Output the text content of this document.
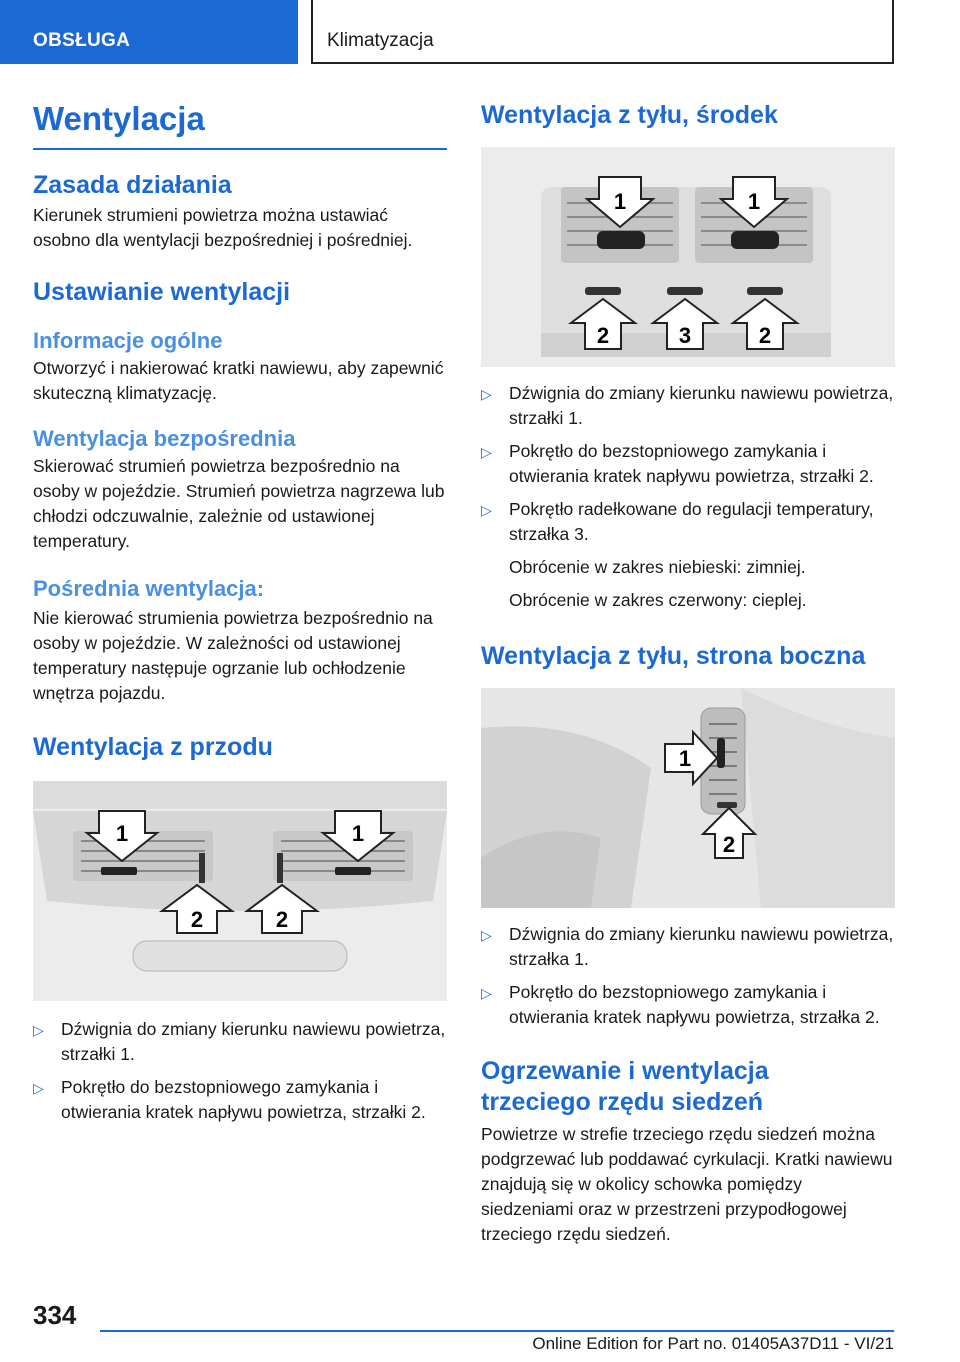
OBSŁUGA	Klimatyzacja
Wentylacja
Zasada działania

Kierunek strumieni powietrza można ustawiać osobno dla wentylacji bezpośredniej i pośredniej.

Ustawianie wentylacji
Informacje ogólne

Otworzyć i nakierować kratki nawiewu, aby zapewnić skuteczną klimatyzację.

Wentylacja bezpośrednia

Skierować strumień powietrza bezpośrednio na osoby w pojeździe. Strumień powietrza nagrzewa lub chłodzi odczuwalnie, zależnie od ustawionej temperatury.

Pośrednia wentylacja:

Nie kierować strumienia powietrza bezpośrednio na osoby w pojeździe. W zależności od ustawionej temperatury następuje ogrzanie lub ochłodzenie wnętrza pojazdu.

Wentylacja z przodu
1	1
2	2
▷ Dźwignia do zmiany kierunku nawiewu powietrza, strzałki 1.
▷ Pokrętło do bezstopniowego zamykania i otwierania kratek napływu powietrza, strzałki 2.
Wentylacja z tyłu, środek
1	1
2	3	2
▷ Dźwignia do zmiany kierunku nawiewu powietrza, strzałki 1.
▷ Pokrętło do bezstopniowego zamykania i otwierania kratek napływu powietrza, strzałki 2.
▷ Pokrętło radełkowane do regulacji temperatury, strzałka 3.

Obrócenie w zakres niebieski: zimniej.

Obrócenie w zakres czerwony: cieplej.

Wentylacja z tyłu, strona boczna
1
2
▷ Dźwignia do zmiany kierunku nawiewu powietrza, strzałka 1.
▷ Pokrętło do bezstopniowego zamykania i otwierania kratek napływu powietrza, strzałka 2.
Ogrzewanie i wentylacja trzeciego rzędu siedzeń

Powietrze w strefie trzeciego rzędu siedzeń można podgrzewać lub poddawać cyrkulacji. Kratki nawiewu znajdują się w okolicy schowka pomiędzy siedzeniami oraz w przestrzeni przypodłogowej trzeciego rzędu siedzeń.

334
Online Edition for Part no. 01405A37D11 - VI/21
